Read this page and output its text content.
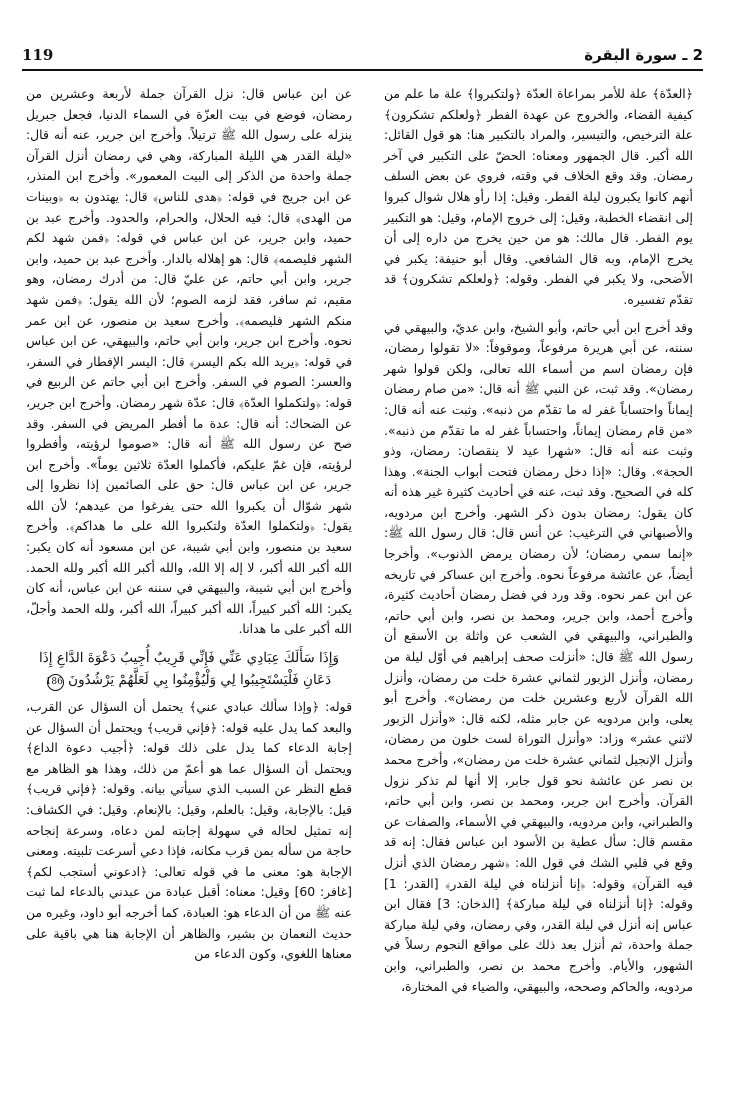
119	2 ـ سورة البقرة

﴿العدّة﴾ علة للأمر بمراعاة العدّة ﴿ولتكبروا﴾ علة ما علم من كيفية القضاء، والخروج عن عهدة الفطر ﴿ولعلكم تشكرون﴾ علة الترخيص، والتيسير، والمراد بالتكبير هنا: هو قول القائل: الله أكبر. قال الجمهور ومعناه: الحضّ على التكبير في آخر رمضان. وقد وقع الخلاف في وقته، فروي عن بعض السلف أنهم كانوا يكبرون ليلة الفطر. وقيل: إذا رأو هلال شوال كبروا إلى انقضاء الخطبة، وقيل: إلى خروج الإمام، وقيل: هو التكبير يوم الفطر. قال مالك: هو من حين يخرج من داره إلى أن يخرج الإمام، وبه قال الشافعي. وقال أبو حنيفة: يكبر في الأضحى، ولا يكبر في الفطر. وقوله: ﴿ولعلكم تشكرون﴾ قد تقدّم تفسيره.

وقد أخرج ابن أبي حاتم، وأبو الشيخ، وابن عديّ، والبيهقي في سننه، عن أبي هريرة مرفوعاً، وموقوفاً: «لا تقولوا رمضان، فإن رمضان اسم من أسماء الله تعالى، ولكن قولوا شهر رمضان». وقد ثبت، عن النبي ﷺ أنه قال: «من صام رمضان إيماناً واحتساباً غفر له ما تقدّم من ذنبه». وثبت عنه أنه قال: «من قام رمضان إيماناً، واحتساباً غفر له ما تقدّم من ذنبه». وثبت عنه أنه قال: «شهرا عيد لا ينقصان: رمضان، وذو الحجة». وقال: «إذا دخل رمضان فتحت أبواب الجنة». وهذا كله في الصحيح. وقد ثبت، عنه في أحاديث كثيرة غير هذه أنه كان يقول: رمضان بدون ذكر الشهر. وأخرج ابن مردويه، والأصبهاني في الترغيب: عن أنس قال: قال رسول الله ﷺ: «إنما سمي رمضان؛ لأن رمضان يرمض الذنوب». وأخرجا أيضاً، عن عائشة مرفوعاً نحوه. وأخرج ابن عساكر في تاريخه عن ابن عمر نحوه. وقد ورد في فضل رمضان أحاديث كثيرة، وأخرج أحمد، وابن جرير، ومحمد بن نصر، وابن أبي حاتم، والطبراني، والبيهقي في الشعب عن واثلة بن الأسقع أن رسول الله ﷺ قال: «أنزلت صحف إبراهيم في أوّل ليلة من رمضان، وأنزل الزبور لثماني عشرة خلت من رمضان، وأنزل الله القرآن لأربع وعشرين خلت من رمضان». وأخرج أبو يعلى، وابن مردويه عن جابر مثله، لكنه قال: «وأنزل الزبور لاثني عشر» وزاد: «وأنزل التوراة لست خلون من رمضان، وأنزل الإنجيل لثماني عشرة خلت من رمضان»، وأخرج محمد بن نصر عن عائشة نحو قول جابر، إلا أنها لم تذكر نزول القرآن. وأخرج ابن جرير، ومحمد بن نصر، وابن أبي حاتم، والطبراني، وابن مردويه، والبيهقي في الأسماء، والصفات عن مقسم قال: سأل عطية بن الأسود ابن عباس فقال: إنه قد وقع في قلبي الشك في قول الله: ﴿شهر رمضان الذي أنزل فيه القرآن﴾ وقوله: ﴿إنا أنزلناه في ليلة القدر﴾ [القدر: 1] وقوله: ﴿إنا أنزلناه في ليلة مباركة﴾ [الدخان: 3] فقال ابن عباس إنه أنزل في ليلة القدر، وفي رمضان، وفي ليلة مباركة جملة واحدة، ثم أنزل بعد ذلك على مواقع النجوم رسلاً في الشهور، والأيام. وأخرج محمد بن نصر، والطبراني، وابن مردويه، والحاكم وصححه، والبيهقي، والضياء في المختارة،

عن ابن عباس قال: نزل القرآن جملة لأربعة وعشرين من رمضان، فوضع في بيت العزّة في السماء الدنيا، فجعل جبريل ينزله على رسول الله ﷺ ترتيلاً. وأخرج ابن جرير، عنه أنه قال: «ليلة القدر هي الليلة المباركة، وهي في رمضان أنزل القرآن جملة واحدة من الذكر إلى البيت المعمور». وأخرج ابن المنذر، عن ابن جريج في قوله: ﴿هدى للناس﴾ قال: يهتدون به ﴿وبينات من الهدى﴾ قال: فيه الحلال، والحرام، والحدود. وأخرج عبد بن حميد، وابن جرير، عن ابن عباس في قوله: ﴿فمن شهد لكم الشهر فليصمه﴾ قال: هو إهلاله بالدار. وأخرج عبد بن حميد، وابن جرير، وابن أبي حاتم، عن عليّ قال: من أدرك رمضان، وهو مقيم، ثم سافر، فقد لزمه الصوم؛ لأن الله يقول: ﴿فمن شهد منكم الشهر فليصمه﴾. وأخرج سعيد بن منصور، عن ابن عمر نحوه. وأخرج ابن جرير، وابن أبي حاتم، والبيهقي، عن ابن عباس في قوله: ﴿يريد الله بكم اليسر﴾ قال: اليسر الإفطار في السفر، والعسر: الصوم في السفر. وأخرج ابن أبي حاتم عن الربيع في قوله: ﴿ولتكملوا العدّة﴾ قال: عدّة شهر رمضان. وأخرج ابن جرير، عن الضحاك: أنه قال: عدة ما أفطر المريض في السفر. وقد صح عن رسول الله ﷺ أنه قال: «صوموا لرؤيته، وأفطروا لرؤيته، فإن غمّ عليكم، فأكملوا العدّة ثلاثين يوماً». وأخرج ابن جرير، عن ابن عباس قال: حق على الصائمين إذا نظروا إلى شهر شوّال أن يكبروا الله حتى يفرغوا من عيدهم؛ لأن الله يقول: ﴿ولتكملوا العدّة ولتكبروا الله على ما هداكم﴾. وأخرج سعيد بن منصور، وابن أبي شيبة، عن ابن مسعود أنه كان يكبر: الله أكبر الله أكبر، لا إله إلا الله، والله أكبر الله أكبر ولله الحمد. وأخرج ابن أبي شيبة، والبيهقي في سننه عن ابن عباس، أنه كان يكبر: الله أكبر كبيراً، الله أكبر كبيراً، الله أكبر، ولله الحمد وأجلّ، الله أكبر على ما هدانا.

وَإِذَا سَأَلَكَ عِبَادِي عَنِّي فَإِنِّي قَرِيبٌ أُجِيبُ دَعْوَةَ الدَّاعِ إِذَا دَعَانِ فَلْيَسْتَجِيبُوا لِي وَلْيُؤْمِنُوا بِي لَعَلَّهُمْ يَرْشُدُونَ 186

قوله: ﴿وإذا سألك عبادي عني﴾ يحتمل أن السؤال عن القرب، والبعد كما يدل عليه قوله: ﴿فإني قريب﴾ ويحتمل أن السؤال عن إجابة الدعاء كما يدل على ذلك قوله: ﴿أجيب دعوة الداع﴾ ويحتمل أن السؤال عما هو أعمّ من ذلك، وهذا هو الظاهر مع قطع النظر عن السبب الذي سيأتي بيانه. وقوله: ﴿فإني قريب﴾ قيل: بالإجابة، وقيل: بالعلم، وقيل: بالإنعام. وقيل: في الكشاف: إنه تمثيل لحاله في سهولة إجابته لمن دعاه، وسرعة إنجاحه حاجة من سأله بمن قرب مكانه، فإذا دعي أسرعت تلبيته. ومعنى الإجابة هو: معنى ما في قوله تعالى: ﴿ادعوني أستجب لكم﴾ [غافر: 60] وقيل: معناه: أقبل عبادة من عبدني بالدعاء لما ثبت عنه ﷺ من أن الدعاء هو: العبادة، كما أخرجه أبو داود، وغيره من حديث النعمان بن بشير، والظاهر أن الإجابة هنا هي باقية على معناها اللغوي، وكون الدعاء من
